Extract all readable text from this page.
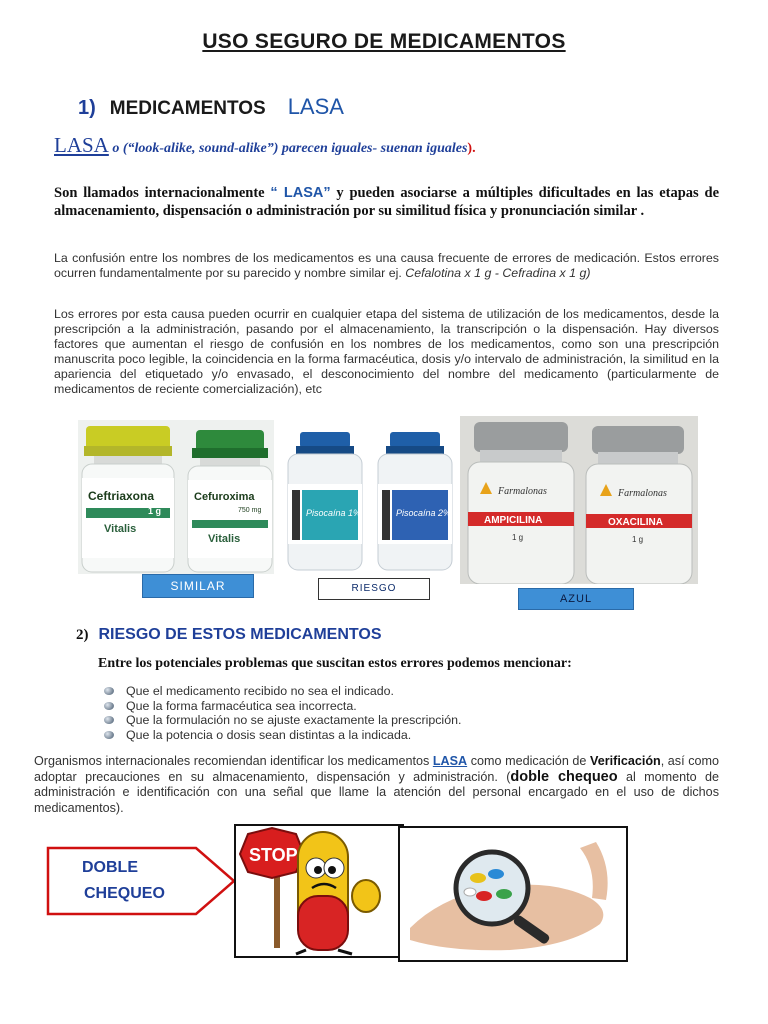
USO SEGURO DE MEDICAMENTOS
1) MEDICAMENTOS LASA
LASA o (“look-alike, sound-alike”) parecen iguales- suenan iguales).
Son llamados internacionalmente “ LASA” y pueden asociarse a múltiples dificultades en las etapas de almacenamiento, dispensación o administración por su similitud física y pronunciación similar .
La confusión entre los nombres de los medicamentos es una causa frecuente de errores de medicación. Estos errores ocurren fundamentalmente por su parecido y nombre similar ej. Cefalotina x 1 g - Cefradina x 1 g)
Los errores por esta causa pueden ocurrir en cualquier etapa del sistema de utilización de los medicamentos, desde la prescripción a la administración, pasando por el almacenamiento, la transcripción o la dispensación. Hay diversos factores que aumentan el riesgo de confusión en los nombres de los medicamentos, como son una prescripción manuscrita poco legible, la coincidencia en la forma farmacéutica, dosis y/o intervalo de administración, la similitud en la apariencia del etiquetado y/o envasado, el desconocimiento del nombre del medicamento (particularmente de medicamentos de reciente comercialización), etc
Ceftriaxona
1 g
Vitalis
Cefuroxima
750 mg
Vitalis
Pisocaína 1%	Pisocaína 2%
Farmalonas	Farmalonas
AMPICILINA	OXACILINA
1 g	1 g
SIMILAR	RIESGO
AZUL
2) RIESGO DE ESTOS MEDICAMENTOS
Entre los potenciales problemas que suscitan estos errores podemos mencionar:
Que el medicamento recibido no sea el indicado.
Que la forma farmacéutica sea incorrecta.
Que la formulación no se ajuste exactamente la prescripción.
Que la potencia o dosis sean distintas a la indicada.
Organismos internacionales recomiendan identificar los medicamentos LASA como medicación de Verificación, así como adoptar precauciones en su almacenamiento, dispensación y administración. (doble chequeo al momento de administración e identificación con una señal que llame la atención del personal encargado en el uso de dichos medicamentos).
DOBLE
CHEQUEO
STOP
